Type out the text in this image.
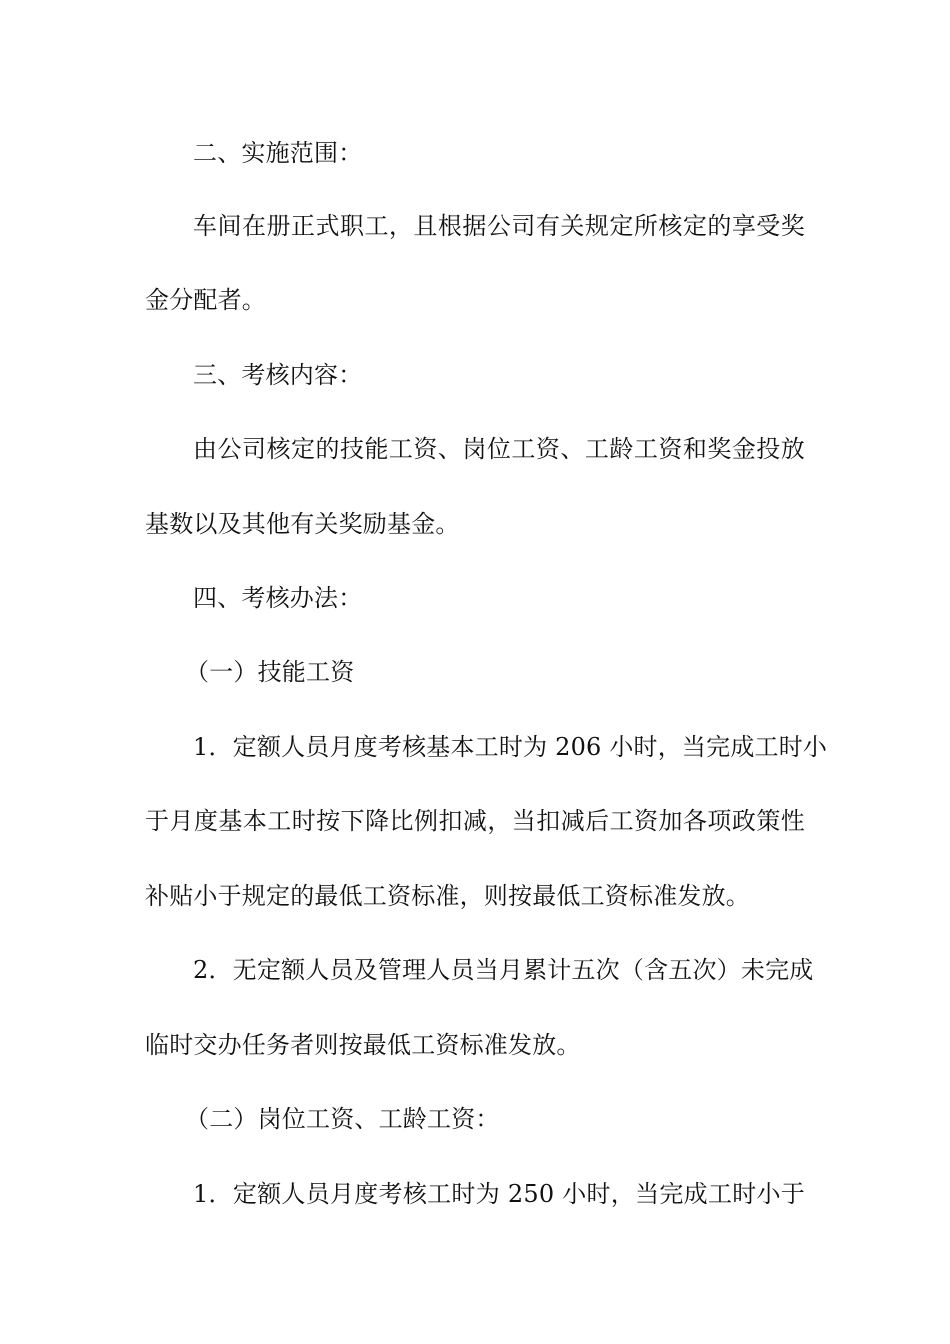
二、实施范围：
车间在册正式职工，且根据公司有关规定所核定的享受奖
金分配者。
三、考核内容：
由公司核定的技能工资、岗位工资、工龄工资和奖金投放
基数以及其他有关奖励基金。
四、考核办法：
（一）技能工资
1．定额人员月度考核基本工时为 206 小时，当完成工时小
于月度基本工时按下降比例扣减，当扣减后工资加各项政策性
补贴小于规定的最低工资标准，则按最低工资标准发放。
2．无定额人员及管理人员当月累计五次（含五次）未完成
临时交办任务者则按最低工资标准发放。
（二）岗位工资、工龄工资：
1．定额人员月度考核工时为 250 小时，当完成工时小于
